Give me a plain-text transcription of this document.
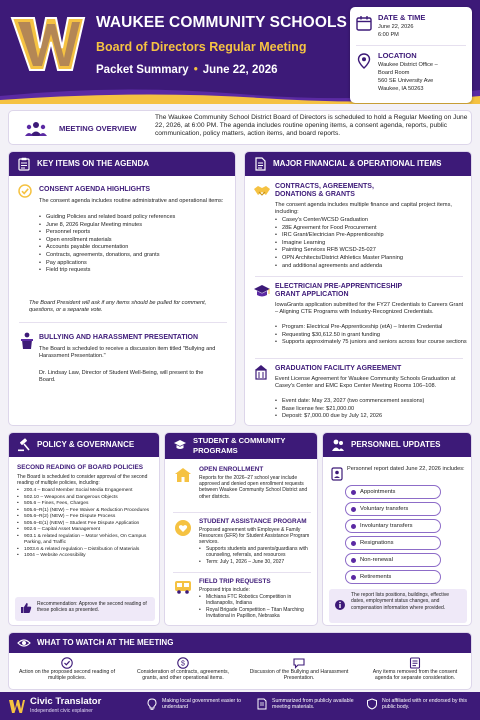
WAUKEE COMMUNITY SCHOOLS
Board of Directors Regular Meeting
Packet Summary • June 22, 2026
DATE & TIME
June 22, 2026
6:00 PM
LOCATION
Waukee District Office –
Board Room
560 SE University Ave
Waukee, IA 50263
MEETING OVERVIEW
The Waukee Community School District Board of Directors is scheduled to hold a Regular Meeting on June 22, 2026, at 6:00 PM. The agenda includes routine opening items, a consent agenda, reports, public communication, policy matters, action items, and board reports.
KEY ITEMS ON THE AGENDA
CONSENT AGENDA HIGHLIGHTS
The consent agenda includes routine administrative and operational items:
• Guiding Policies and related board policy references
• June 8, 2026 Regular Meeting minutes
• Personnel reports
• Open enrollment materials
• Accounts payable documentation
• Contracts, agreements, donations, and grants
• Pay applications
• Field trip requests
The Board President will ask if any items should be pulled for comment, questions, or a separate vote.
BULLYING AND HARASSMENT PRESENTATION
The Board is scheduled to receive a discussion item titled "Bullying and Harassment Presentation."
Dr. Lindsay Law, Director of Student Well-Being, will present to the Board.
MAJOR FINANCIAL & OPERATIONAL ITEMS
CONTRACTS, AGREEMENTS,
DONATIONS & GRANTS
The consent agenda includes multiple finance and capital project items, including:
• Casey's Center/WCSD Graduation
• 28E Agreement for Food Procurement
• IRC Grant/Electrician Pre-Apprenticeship
• Imagine Learning
• Painting Services RFB WCSD-25-027
• OPN Architects/District Athletics Master Planning
• and additional agreements and addenda
ELECTRICIAN PRE-APPRENTICESHIP
GRANT APPLICATION
IowaGrants application submitted for the FY27 Credentials to Careers Grant – Aligning CTE Programs with Industry-Recognized Credentials.
• Program: Electrical Pre-Apprenticeship (etA) – Interim Credential
• Requesting $30,612.50 in grant funding
• Supports approximately 75 juniors and seniors across four course sections
GRADUATION FACILITY AGREEMENT
Event License Agreement for Waukee Community Schools Graduation at Casey's Center and EMC Expo Center Meeting Rooms 106–108.
• Event date: May 23, 2027 (two commencement sessions)
• Base license fee: $21,000.00
• Deposit: $7,000.00 due by July 12, 2026
POLICY & GOVERNANCE
SECOND READING OF BOARD POLICIES
The Board is scheduled to consider approval of the second reading of multiple policies, including:
• 200.4 – Board Member Social Media Engagement
• 502.10 – Weapons and Dangerous Objects
• 505.6 – Fines, Fees, Charges
• 505.6–R(1) (NEW) – Fee Waiver & Reduction Procedures
• 505.6–R(2) (NEW) – Fee Dispute Process
• 505.6–E(1) (NEW) – Student Fee Dispute Application
• 902.6 – Capital Asset Management
• 903.1 & related regulation – Motor Vehicles, On Campus Parking, and Traffic
• 1003.6 & related regulation – Distribution of Materials
• 1004 – Website Accessibility
Recommendation: Approve the second reading of these policies as presented.
STUDENT & COMMUNITY
PROGRAMS
OPEN ENROLLMENT
Reports for the 2026–27 school year include approved and denied open enrollment requests between Waukee Community School District and other districts.
STUDENT ASSISTANCE PROGRAM
Proposed agreement with Employee & Family Resources (EFR) for Student Assistance Program services.
• Supports students and parents/guardians with counseling, referrals, and resources
• Term: July 1, 2026 – June 30, 2027
FIELD TRIP REQUESTS
Proposed trips include:
• Michiana FTC Robotics Competition in Indianapolis, Indiana
• Royal Brigade Competition – Titan Marching Invitational in Papillion, Nebraska
PERSONNEL UPDATES
Personnel report dated June 22, 2026 includes:
Appointments
Voluntary transfers
Involuntary transfers
Resignations
Non-renewal
Retirements
The report lists positions, buildings, effective dates, employment status changes, and compensation information where provided.
WHAT TO WATCH AT THE MEETING
Action on the proposed second reading of multiple policies.
$
Consideration of contracts, agreements, grants, and other operational items.
Discussion of the Bullying and Harassment Presentation.
Any items removed from the consent agenda for separate consideration.
Civic Translator
Independent civic explainer
Making local government easier to understand
Summarized from publicly available meeting materials.
Not affiliated with or endorsed by this public body.
